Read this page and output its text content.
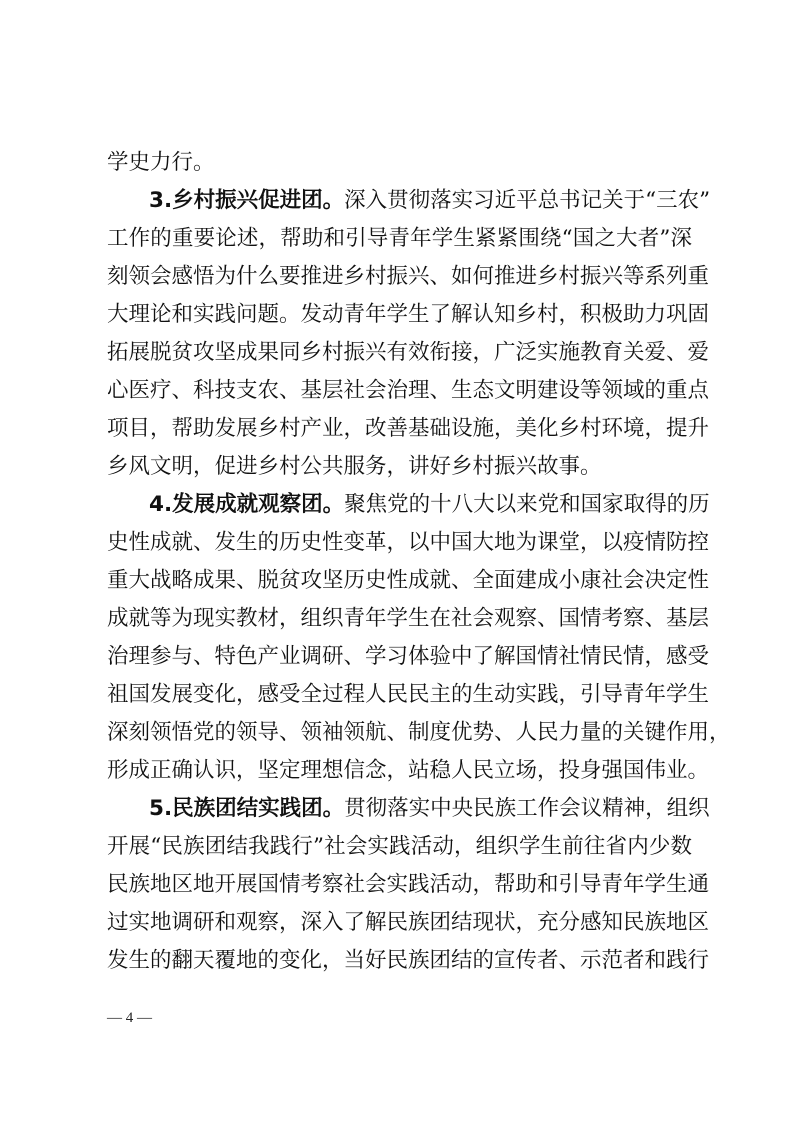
学史力行。
3.乡村振兴促进团。深入贯彻落实习近平总书记关于“三农”
工作的重要论述，帮助和引导青年学生紧紧围绕“国之大者”深
刻领会感悟为什么要推进乡村振兴、如何推进乡村振兴等系列重
大理论和实践问题。发动青年学生了解认知乡村，积极助力巩固
拓展脱贫攻坚成果同乡村振兴有效衔接，广泛实施教育关爱、爱
心医疗、科技支农、基层社会治理、生态文明建设等领域的重点
项目，帮助发展乡村产业，改善基础设施，美化乡村环境，提升
乡风文明，促进乡村公共服务，讲好乡村振兴故事。
4.发展成就观察团。聚焦党的十八大以来党和国家取得的历
史性成就、发生的历史性变革，以中国大地为课堂，以疫情防控
重大战略成果、脱贫攻坚历史性成就、全面建成小康社会决定性
成就等为现实教材，组织青年学生在社会观察、国情考察、基层
治理参与、特色产业调研、学习体验中了解国情社情民情，感受
祖国发展变化，感受全过程人民民主的生动实践，引导青年学生
深刻领悟党的领导、领袖领航、制度优势、人民力量的关键作用，
形成正确认识，坚定理想信念，站稳人民立场，投身强国伟业。
5.民族团结实践团。贯彻落实中央民族工作会议精神，组织
开展“民族团结我践行”社会实践活动，组织学生前往省内少数
民族地区地开展国情考察社会实践活动，帮助和引导青年学生通
过实地调研和观察，深入了解民族团结现状，充分感知民族地区
发生的翻天覆地的变化，当好民族团结的宣传者、示范者和践行
— 4 —
